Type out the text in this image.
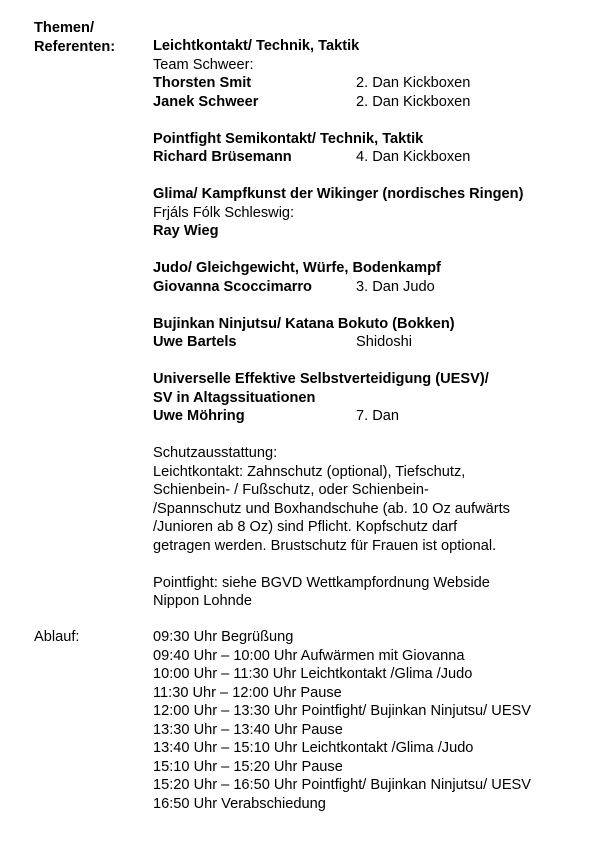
Themen/
Referenten:	Leichtkontakt/ Technik, Taktik
Team Schweer:
Thorsten Smit	2. Dan Kickboxen
Janek Schweer	2. Dan Kickboxen
Pointfight Semikontakt/ Technik, Taktik
Richard Brüsemann	4. Dan Kickboxen
Glima/ Kampfkunst der Wikinger (nordisches Ringen)
Frjáls Fólk Schleswig:
Ray Wieg
Judo/ Gleichgewicht, Würfe, Bodenkampf
Giovanna Scoccimarro	3. Dan Judo
Bujinkan Ninjutsu/ Katana Bokuto (Bokken)
Uwe Bartels	Shidoshi
Universelle Effektive Selbstverteidigung (UESV)/
SV in Altagssituationen
Uwe Möhring	7. Dan
Schutzausstattung:
Leichtkontakt: Zahnschutz (optional), Tiefschutz,
Schienbein- / Fußschutz, oder Schienbein-
/Spannschutz und Boxhandschuhe (ab. 10 Oz aufwärts
/Junioren ab 8 Oz) sind Pflicht. Kopfschutz darf
getragen werden. Brustschutz für Frauen ist optional.
Pointfight: siehe BGVD Wettkampfordnung Webside
Nippon Lohnde
Ablauf:	09:30 Uhr Begrüßung
09:40 Uhr – 10:00 Uhr Aufwärmen mit Giovanna
10:00 Uhr – 11:30 Uhr Leichtkontakt /Glima /Judo
11:30 Uhr – 12:00 Uhr Pause
12:00 Uhr – 13:30 Uhr Pointfight/ Bujinkan Ninjutsu/ UESV
13:30 Uhr – 13:40 Uhr Pause
13:40 Uhr – 15:10 Uhr Leichtkontakt /Glima /Judo
15:10 Uhr – 15:20 Uhr Pause
15:20 Uhr – 16:50 Uhr Pointfight/ Bujinkan Ninjutsu/ UESV
16:50 Uhr Verabschiedung
